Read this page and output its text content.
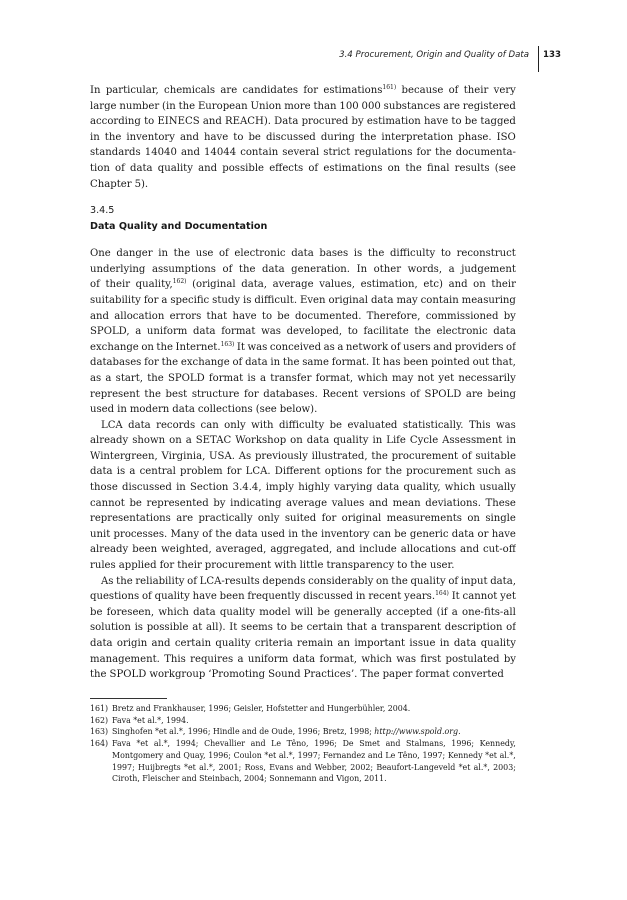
3.4 Procurement, Origin and Quality of Data 133
In particular, chemicals are candidates for estimations$^{161)}$ because of their very
large number (in the European Union more than 100 000 substances are registered
according to EINECS and REACH). Data procured by estimation have to be tagged
in the inventory and have to be discussed during the interpretation phase. ISO
standards 14040 and 14044 contain several strict regulations for the documenta-
tion of data quality and possible effects of estimations on the final results (see
Chapter 5).
3.4.5
Data Quality and Documentation
One danger in the use of electronic data bases is the difficulty to reconstruct
underlying assumptions of the data generation. In other words, a judgement
of their quality,$^{162)}$ (original data, average values, estimation, etc) and on their
suitability for a specific study is difficult. Even original data may contain measuring
and allocation errors that have to be documented. Therefore, commissioned by
SPOLD, a uniform data format was developed, to facilitate the electronic data
exchange on the Internet.$^{163)}$ It was conceived as a network of users and providers of
databases for the exchange of data in the same format. It has been pointed out that,
as a start, the SPOLD format is a transfer format, which may not yet necessarily
represent the best structure for databases. Recent versions of SPOLD are being
used in modern data collections (see below).
LCA data records can only with difficulty be evaluated statistically. This was
already shown on a SETAC Workshop on data quality in Life Cycle Assessment in
Wintergreen, Virginia, USA. As previously illustrated, the procurement of suitable
data is a central problem for LCA. Different options for the procurement such as
those discussed in Section 3.4.4, imply highly varying data quality, which usually
cannot be represented by indicating average values and mean deviations. These
representations are practically only suited for original measurements on single
unit processes. Many of the data used in the inventory can be generic data or have
already been weighted, averaged, aggregated, and include allocations and cut-off
rules applied for their procurement with little transparency to the user.
As the reliability of LCA-results depends considerably on the quality of input data,
questions of quality have been frequently discussed in recent years.$^{164)}$ It cannot yet
be foreseen, which data quality model will be generally accepted (if a one-fits-all
solution is possible at all). It seems to be certain that a transparent description of
data origin and certain quality criteria remain an important issue in data quality
management. This requires a uniform data format, which was first postulated by
the SPOLD workgroup ‘Promoting Sound Practices’. The paper format converted
161) Bretz and Frankhauser, 1996; Geisler, Hofstetter and Hungerbühler, 2004.
162) Fava *et al.*, 1994.
163) Singhofen *et al.*, 1996; Hindle and de Oude, 1996; Bretz, 1998; http://www.spold.org.
164) Fava *et al.*, 1994; Chevallier and Le Têno, 1996; De Smet and Stalmans, 1996; Kennedy,
Montgomery and Quay, 1996; Coulon *et al.*, 1997; Fernandez and Le Têno, 1997; Kennedy *et al.*,
1997; Huijbregts *et al.*, 2001; Ross, Evans and Webber, 2002; Beaufort-Langeveld *et al.*, 2003;
Ciroth, Fleischer and Steinbach, 2004; Sonnemann and Vigon, 2011.
